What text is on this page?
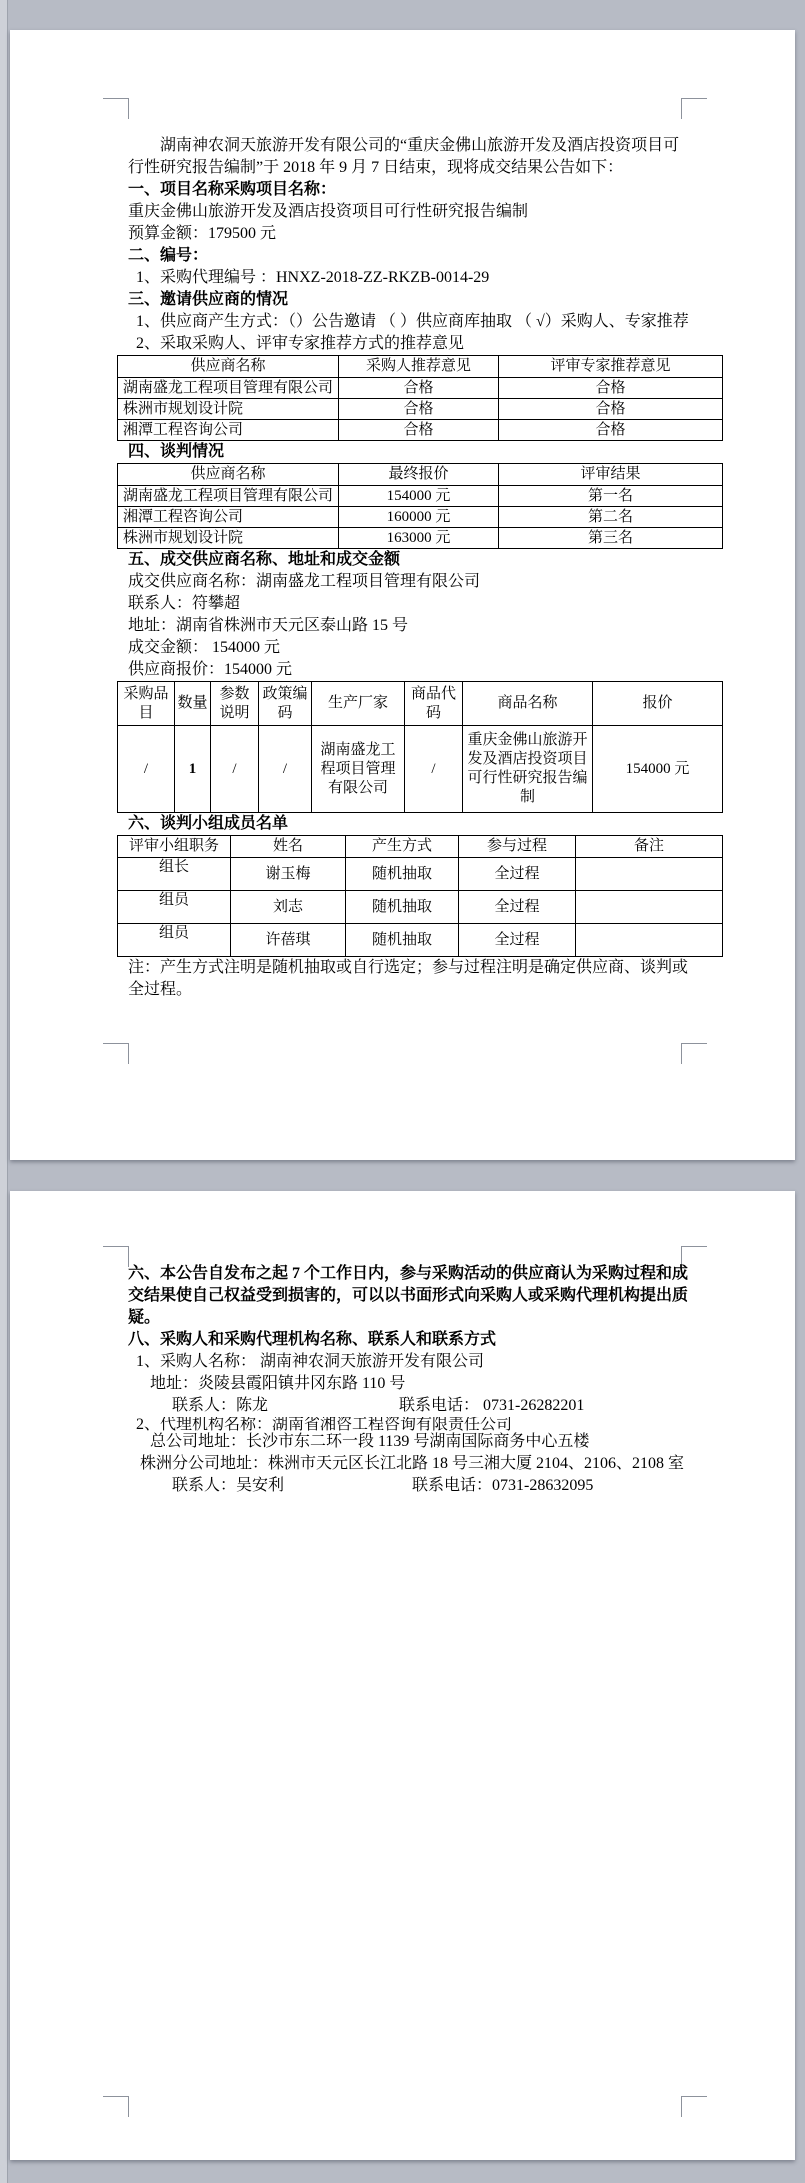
湖南神农洞天旅游开发有限公司的“重庆金佛山旅游开发及酒店投资项目可行性研究报告编制”于 2018 年 9 月 7 日结束，现将成交结果公告如下：

一、项目名称采购项目名称：

重庆金佛山旅游开发及酒店投资项目可行性研究报告编制

预算金额：179500 元

二、编号：

1、采购代理编号 ：HNXZ-2018-ZZ-RKZB-0014-29

三、邀请供应商的情况

1、供应商产生方式：（）公告邀请 （ ）供应商库抽取 （ √）采购人、专家推荐

2、采取采购人、评审专家推荐方式的推荐意见

供应商名称	采购人推荐意见	评审专家推荐意见
湖南盛龙工程项目管理有限公司	合格	合格
株洲市规划设计院	合格	合格
湘潭工程咨询公司	合格	合格

四、谈判情况

供应商名称	最终报价	评审结果
湖南盛龙工程项目管理有限公司	154000 元	第一名
湘潭工程咨询公司	160000 元	第二名
株洲市规划设计院	163000 元	第三名

五、成交供应商名称、地址和成交金额

成交供应商名称：湖南盛龙工程项目管理有限公司

联系人：符攀超

地址：湖南省株洲市天元区泰山路 15 号

成交金额： 154000 元

供应商报价：154000 元

采购品目	数量	参数说明	政策编码	生产厂家	商品代码	商品名称	报价
/	1	/	/	湖南盛龙工程项目管理有限公司	/	重庆金佛山旅游开发及酒店投资项目可行性研究报告编制	154000 元

六、谈判小组成员名单

评审小组职务	姓名	产生方式	参与过程	备注
组长	谢玉梅	随机抽取	全过程	
组员	刘志	随机抽取	全过程	
组员	许蓓琪	随机抽取	全过程	

注：产生方式注明是随机抽取或自行选定；参与过程注明是确定供应商、谈判或全过程。

六、本公告自发布之起 7 个工作日内，参与采购活动的供应商认为采购过程和成交结果使自己权益受到损害的，可以以书面形式向采购人或采购代理机构提出质疑。

八、采购人和采购代理机构名称、联系人和联系方式

1、采购人名称： 湖南神农洞天旅游开发有限公司

地址：炎陵县霞阳镇井冈东路 110 号

联系人：陈龙	联系电话： 0731-26282201

2、代理机构名称：湖南省湘咨工程咨询有限责任公司

总公司地址：长沙市东二环一段 1139 号湖南国际商务中心五楼

株洲分公司地址：株洲市天元区长江北路 18 号三湘大厦 2104、2106、2108 室

联系人：吴安利	联系电话：0731-28632095
